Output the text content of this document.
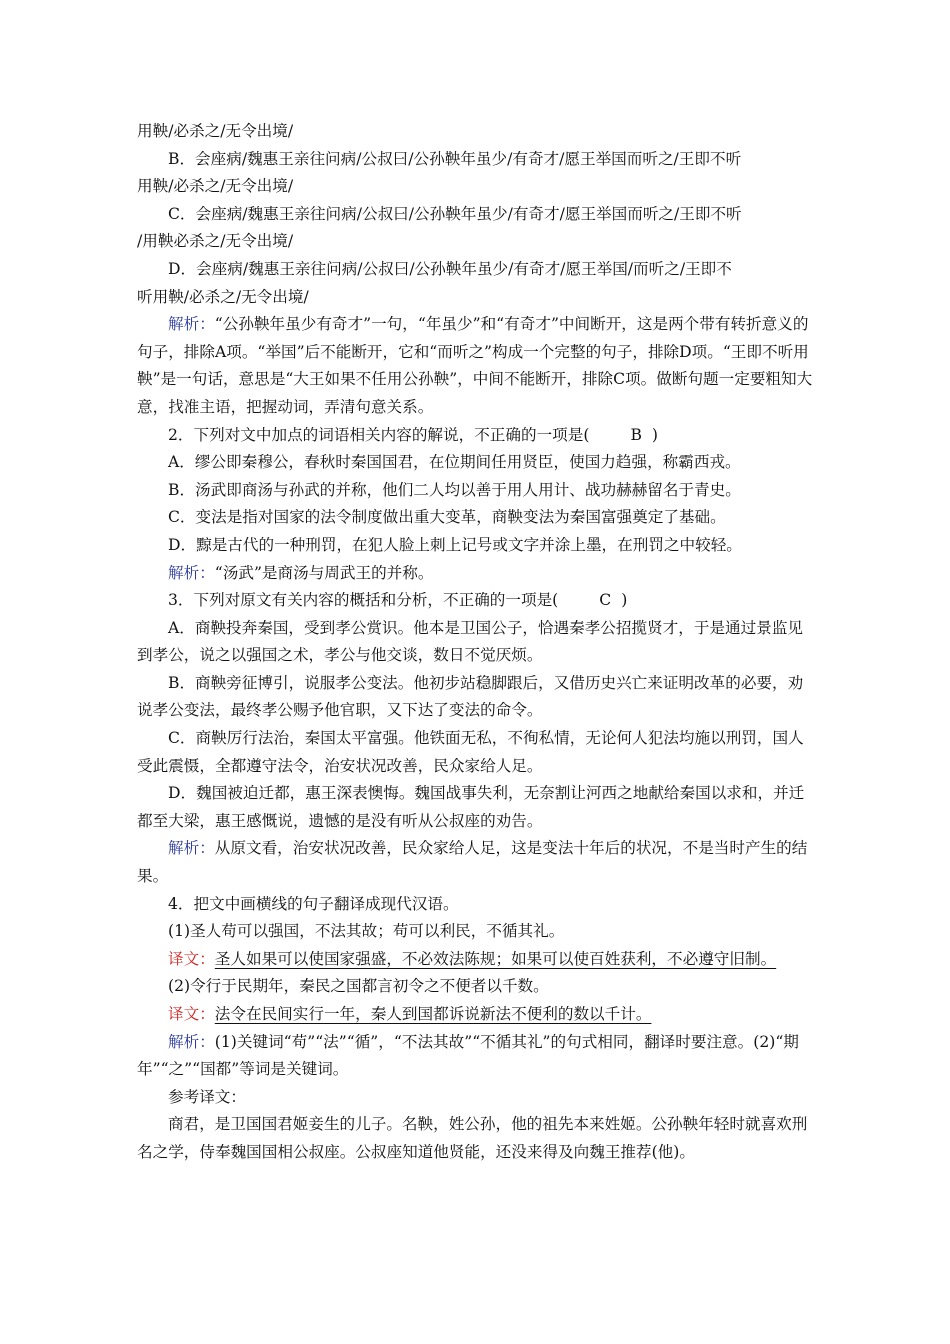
用鞅/必杀之/无令出境/

B．会座病/魏惠王亲往问病/公叔曰/公孙鞅年虽少/有奇才/愿王举国而听之/王即不听

用鞅/必杀之/无令出境/

C．会座病/魏惠王亲往问病/公叔曰/公孙鞅年虽少/有奇才/愿王举国而听之/王即不听

/用鞅必杀之/无令出境/

D．会座病/魏惠王亲往问病/公叔曰/公孙鞅年虽少/有奇才/愿王举国/而听之/王即不

听用鞅/必杀之/无令出境/

解析：“公孙鞅年虽少有奇才”一句，“年虽少”和“有奇才”中间断开，这是两个带有转折意义的句子，排除A项。“举国”后不能断开，它和“而听之”构成一个完整的句子，排除D项。“王即不听用鞅”是一句话，意思是“大王如果不任用公孙鞅”，中间不能断开，排除C项。做断句题一定要粗知大意，找准主语，把握动词，弄清句意关系。

2．下列对文中加点的词语相关内容的解说，不正确的一项是(	B )

A．缪公即秦穆公，春秋时秦国国君，在位期间任用贤臣，使国力趋强，称霸西戎。

B．汤武即商汤与孙武的并称，他们二人均以善于用人用计、战功赫赫留名于青史。

C．变法是指对国家的法令制度做出重大变革，商鞅变法为秦国富强奠定了基础。

D．黥是古代的一种刑罚，在犯人脸上刺上记号或文字并涂上墨，在刑罚之中较轻。

解析：“汤武”是商汤与周武王的并称。

3．下列对原文有关内容的概括和分析，不正确的一项是(	C )

A．商鞅投奔秦国，受到孝公赏识。他本是卫国公子，恰遇秦孝公招揽贤才，于是通过景监见到孝公，说之以强国之术，孝公与他交谈，数日不觉厌烦。

B．商鞅旁征博引，说服孝公变法。他初步站稳脚跟后，又借历史兴亡来证明改革的必要，劝说孝公变法，最终孝公赐予他官职，又下达了变法的命令。

C．商鞅厉行法治，秦国太平富强。他铁面无私，不徇私情，无论何人犯法均施以刑罚，国人受此震慑，全都遵守法令，治安状况改善，民众家给人足。

D．魏国被迫迁都，惠王深表懊悔。魏国战事失利，无奈割让河西之地献给秦国以求和，并迁都至大梁，惠王感慨说，遗憾的是没有听从公叔座的劝告。

解析：从原文看，治安状况改善，民众家给人足，这是变法十年后的状况，不是当时产生的结果。

4．把文中画横线的句子翻译成现代汉语。

(1)圣人苟可以强国，不法其故；苟可以利民，不循其礼。

译文：圣人如果可以使国家强盛，不必效法陈规；如果可以使百姓获利，不必遵守旧制。

(2)令行于民期年，秦民之国都言初令之不便者以千数。

译文：法令在民间实行一年，秦人到国都诉说新法不便利的数以千计。

解析：(1)关键词“苟”“法”“循”，“不法其故”“不循其礼”的句式相同，翻译时要注意。(2)“期年”“之”“国都”等词是关键词。

参考译文：

商君，是卫国国君姬妾生的儿子。名鞅，姓公孙，他的祖先本来姓姬。公孙鞅年轻时就喜欢刑名之学，侍奉魏国国相公叔座。公叔座知道他贤能，还没来得及向魏王推荐(他)。
